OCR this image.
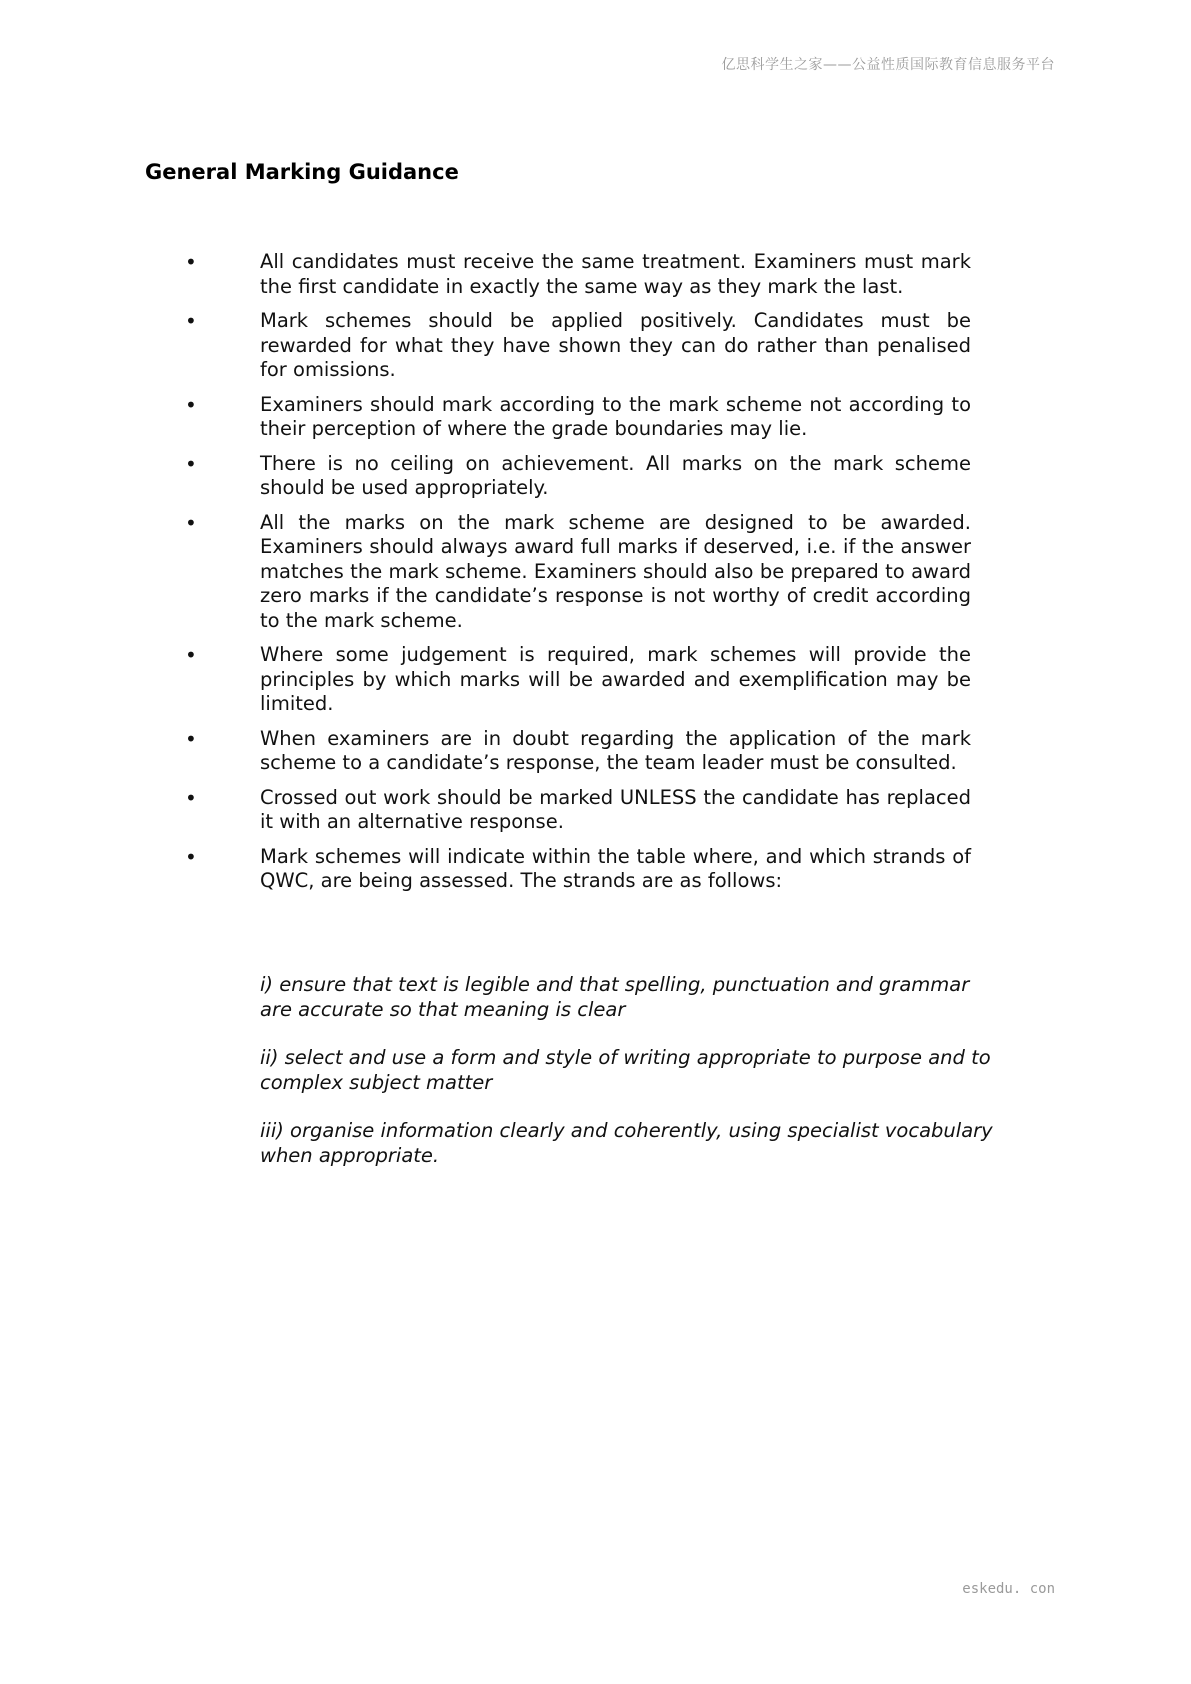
亿思科学生之家——公益性质国际教育信息服务平台
General Marking Guidance
•	All candidates must receive the same treatment. Examiners must mark the first candidate in exactly the same way as they mark the last.
•	Mark schemes should be applied positively. Candidates must be rewarded for what they have shown they can do rather than penalised for omissions.
•	Examiners should mark according to the mark scheme not according to their perception of where the grade boundaries may lie.
•	There is no ceiling on achievement. All marks on the mark scheme should be used appropriately.
•	All the marks on the mark scheme are designed to be awarded. Examiners should always award full marks if deserved, i.e. if the answer matches the mark scheme. Examiners should also be prepared to award zero marks if the candidate’s response is not worthy of credit according to the mark scheme.
•	Where some judgement is required, mark schemes will provide the principles by which marks will be awarded and exemplification may be limited.
•	When examiners are in doubt regarding the application of the mark scheme to a candidate’s response, the team leader must be consulted.
•	Crossed out work should be marked UNLESS the candidate has replaced it with an alternative response.
•	Mark schemes will indicate within the table where, and which strands of QWC, are being assessed. The strands are as follows:

i) ensure that text is legible and that spelling, punctuation and grammar are accurate so that meaning is clear

ii) select and use a form and style of writing appropriate to purpose and to complex subject matter

iii) organise information clearly and coherently, using specialist vocabulary when appropriate.

eskedu. con
